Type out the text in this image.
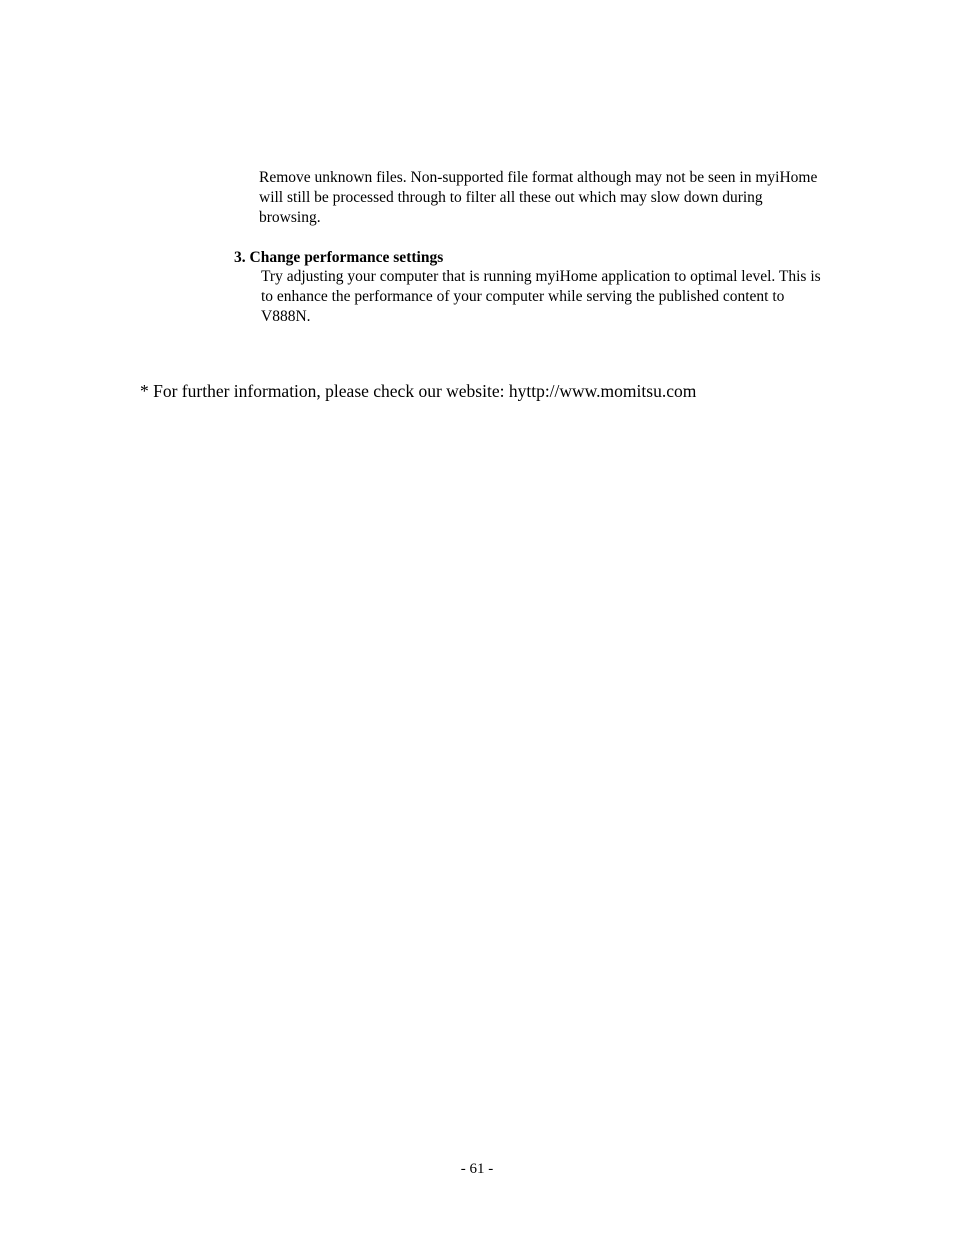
Remove unknown files. Non-supported file format although may not be seen in myiHome will still be processed through to filter all these out which may slow down during browsing.

3. Change performance settings

Try adjusting your computer that is running myiHome application to optimal level. This is to enhance the performance of your computer while serving the published content to V888N.

* For further information, please check our website: hyttp://www.momitsu.com
- 61 -
